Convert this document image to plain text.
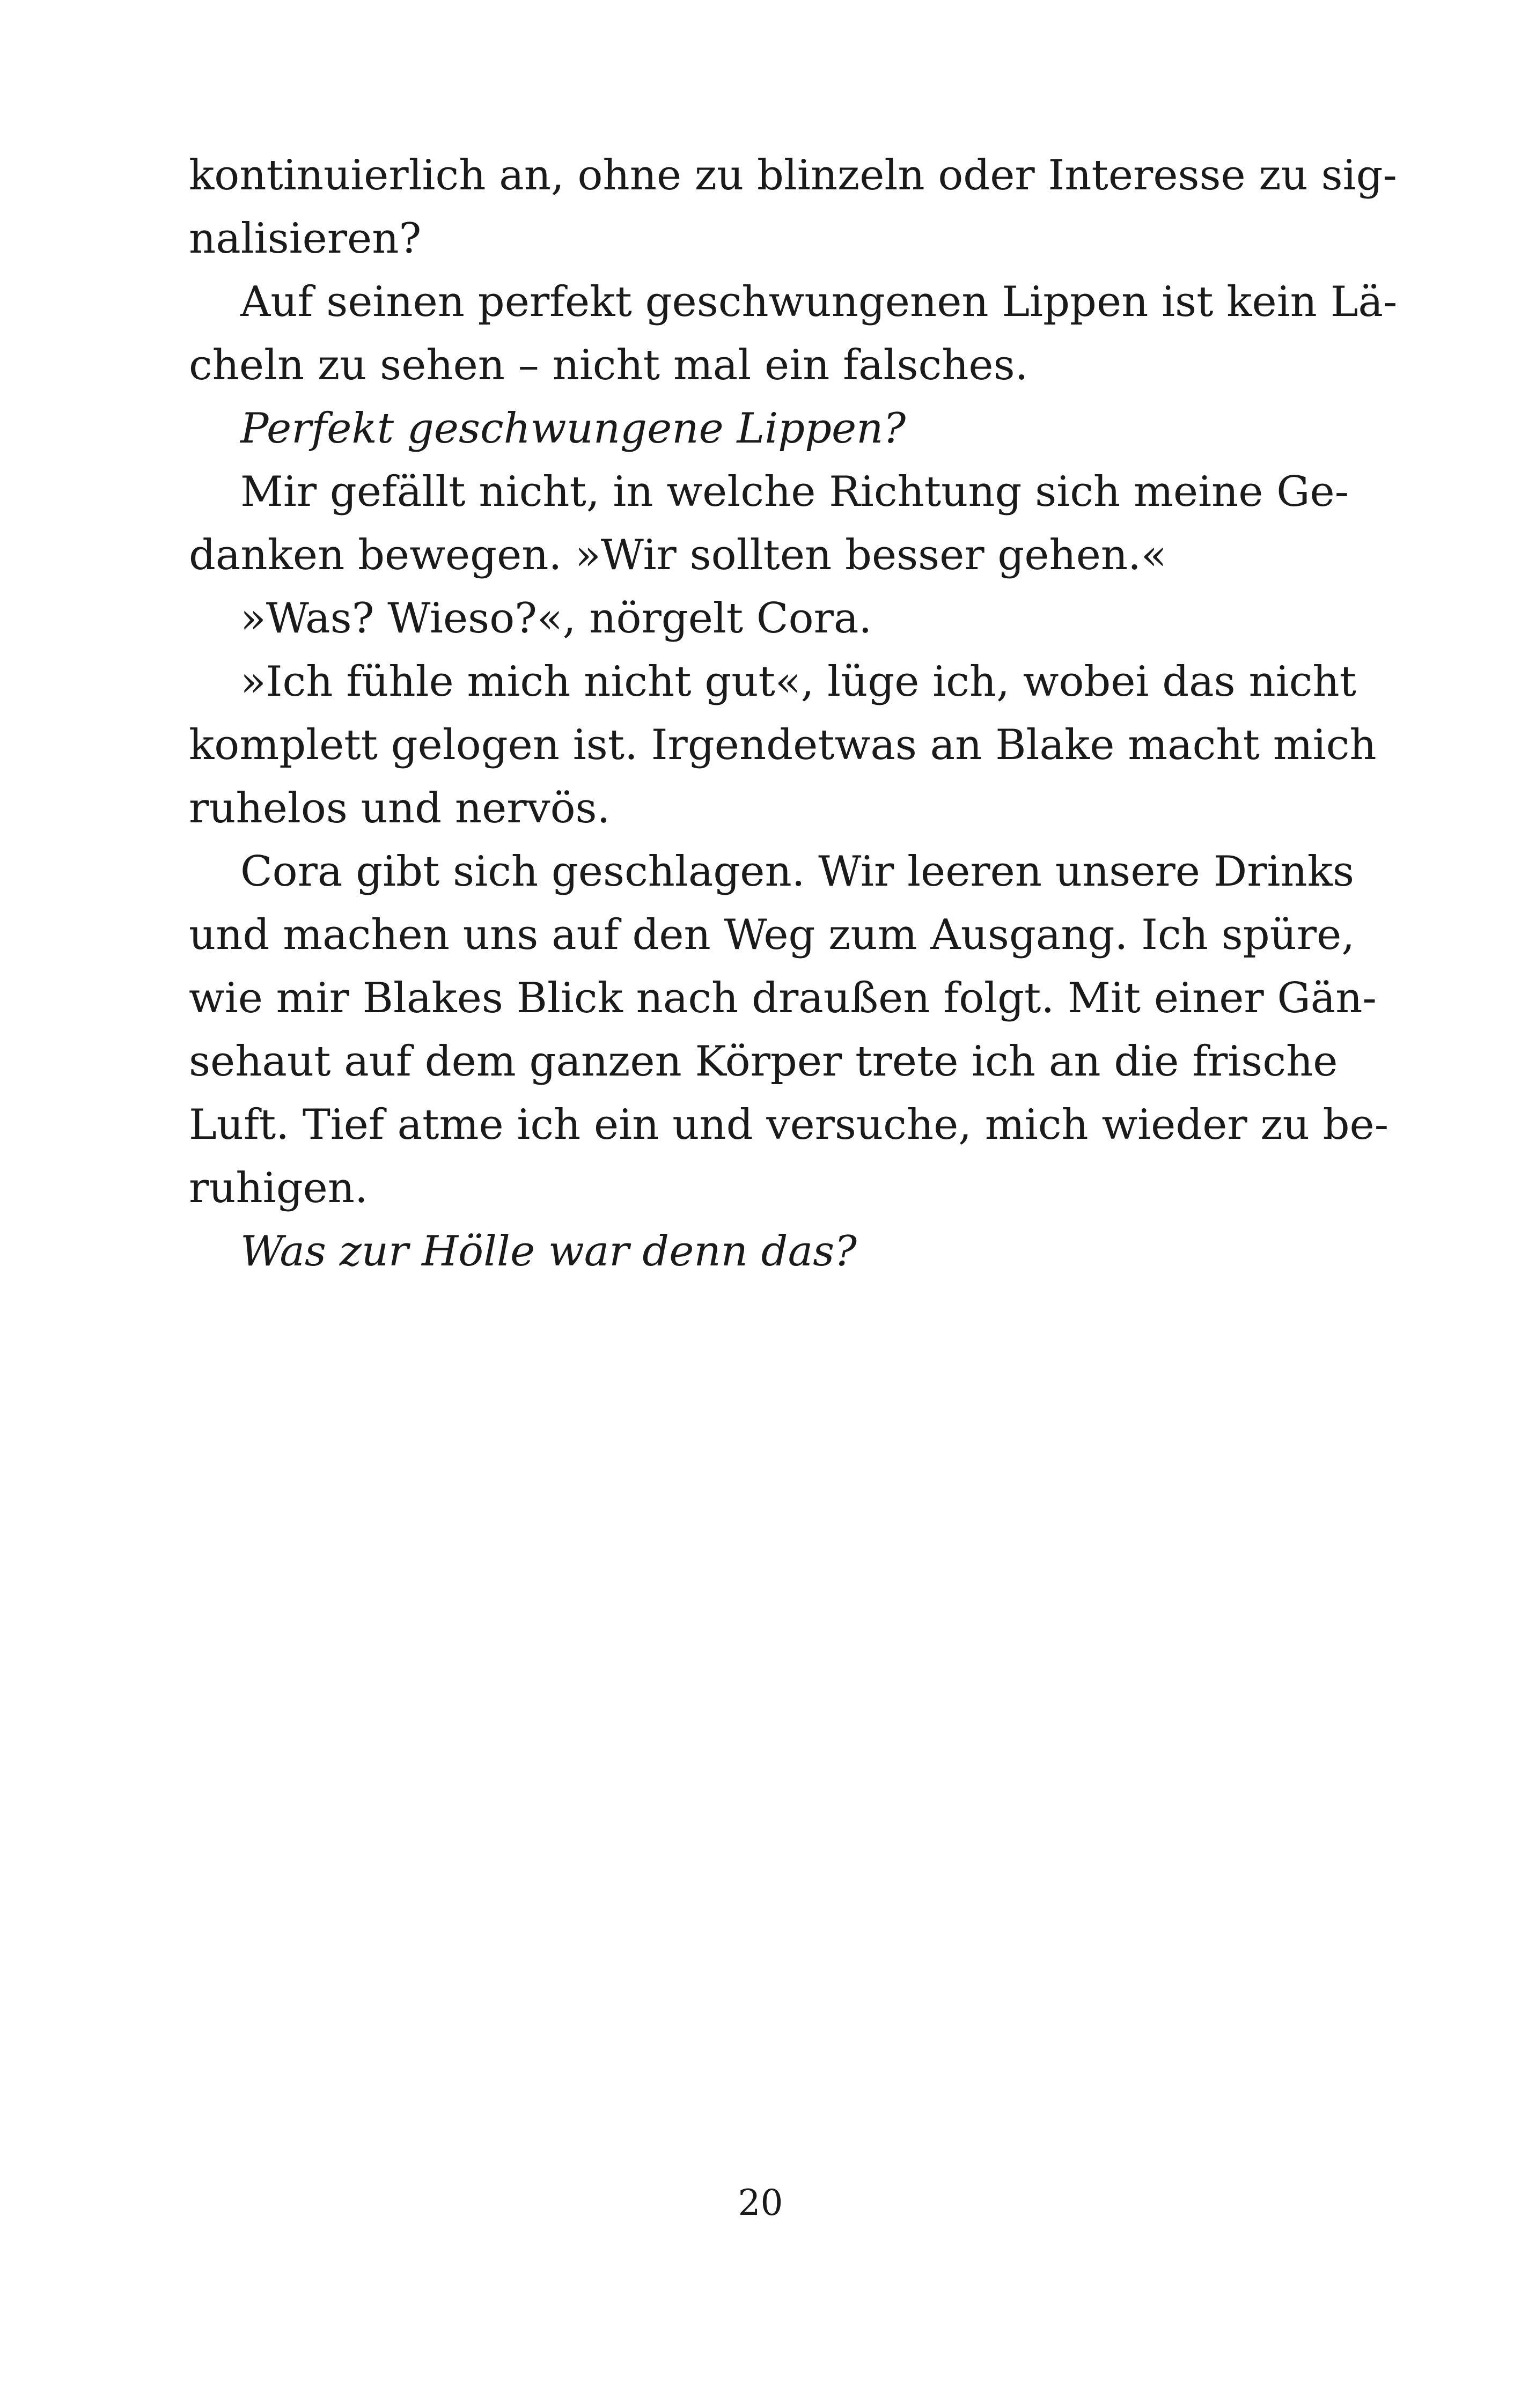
kontinuierlich an, ohne zu blinzeln oder Interesse zu sig-
nalisieren?
Auf seinen perfekt geschwungenen Lippen ist kein Lä-
cheln zu sehen – nicht mal ein falsches.
Perfekt geschwungene Lippen?
Mir gefällt nicht, in welche Richtung sich meine Ge-
danken bewegen. »Wir sollten besser gehen.«
»Was? Wieso?«, nörgelt Cora.
»Ich fühle mich nicht gut«, lüge ich, wobei das nicht
komplett gelogen ist. Irgendetwas an Blake macht mich
ruhelos und nervös.
Cora gibt sich geschlagen. Wir leeren unsere Drinks
und machen uns auf den Weg zum Ausgang. Ich spüre,
wie mir Blakes Blick nach draußen folgt. Mit einer Gän-
sehaut auf dem ganzen Körper trete ich an die frische
Luft. Tief atme ich ein und versuche, mich wieder zu be-
ruhigen.
Was zur Hölle war denn das?
20
